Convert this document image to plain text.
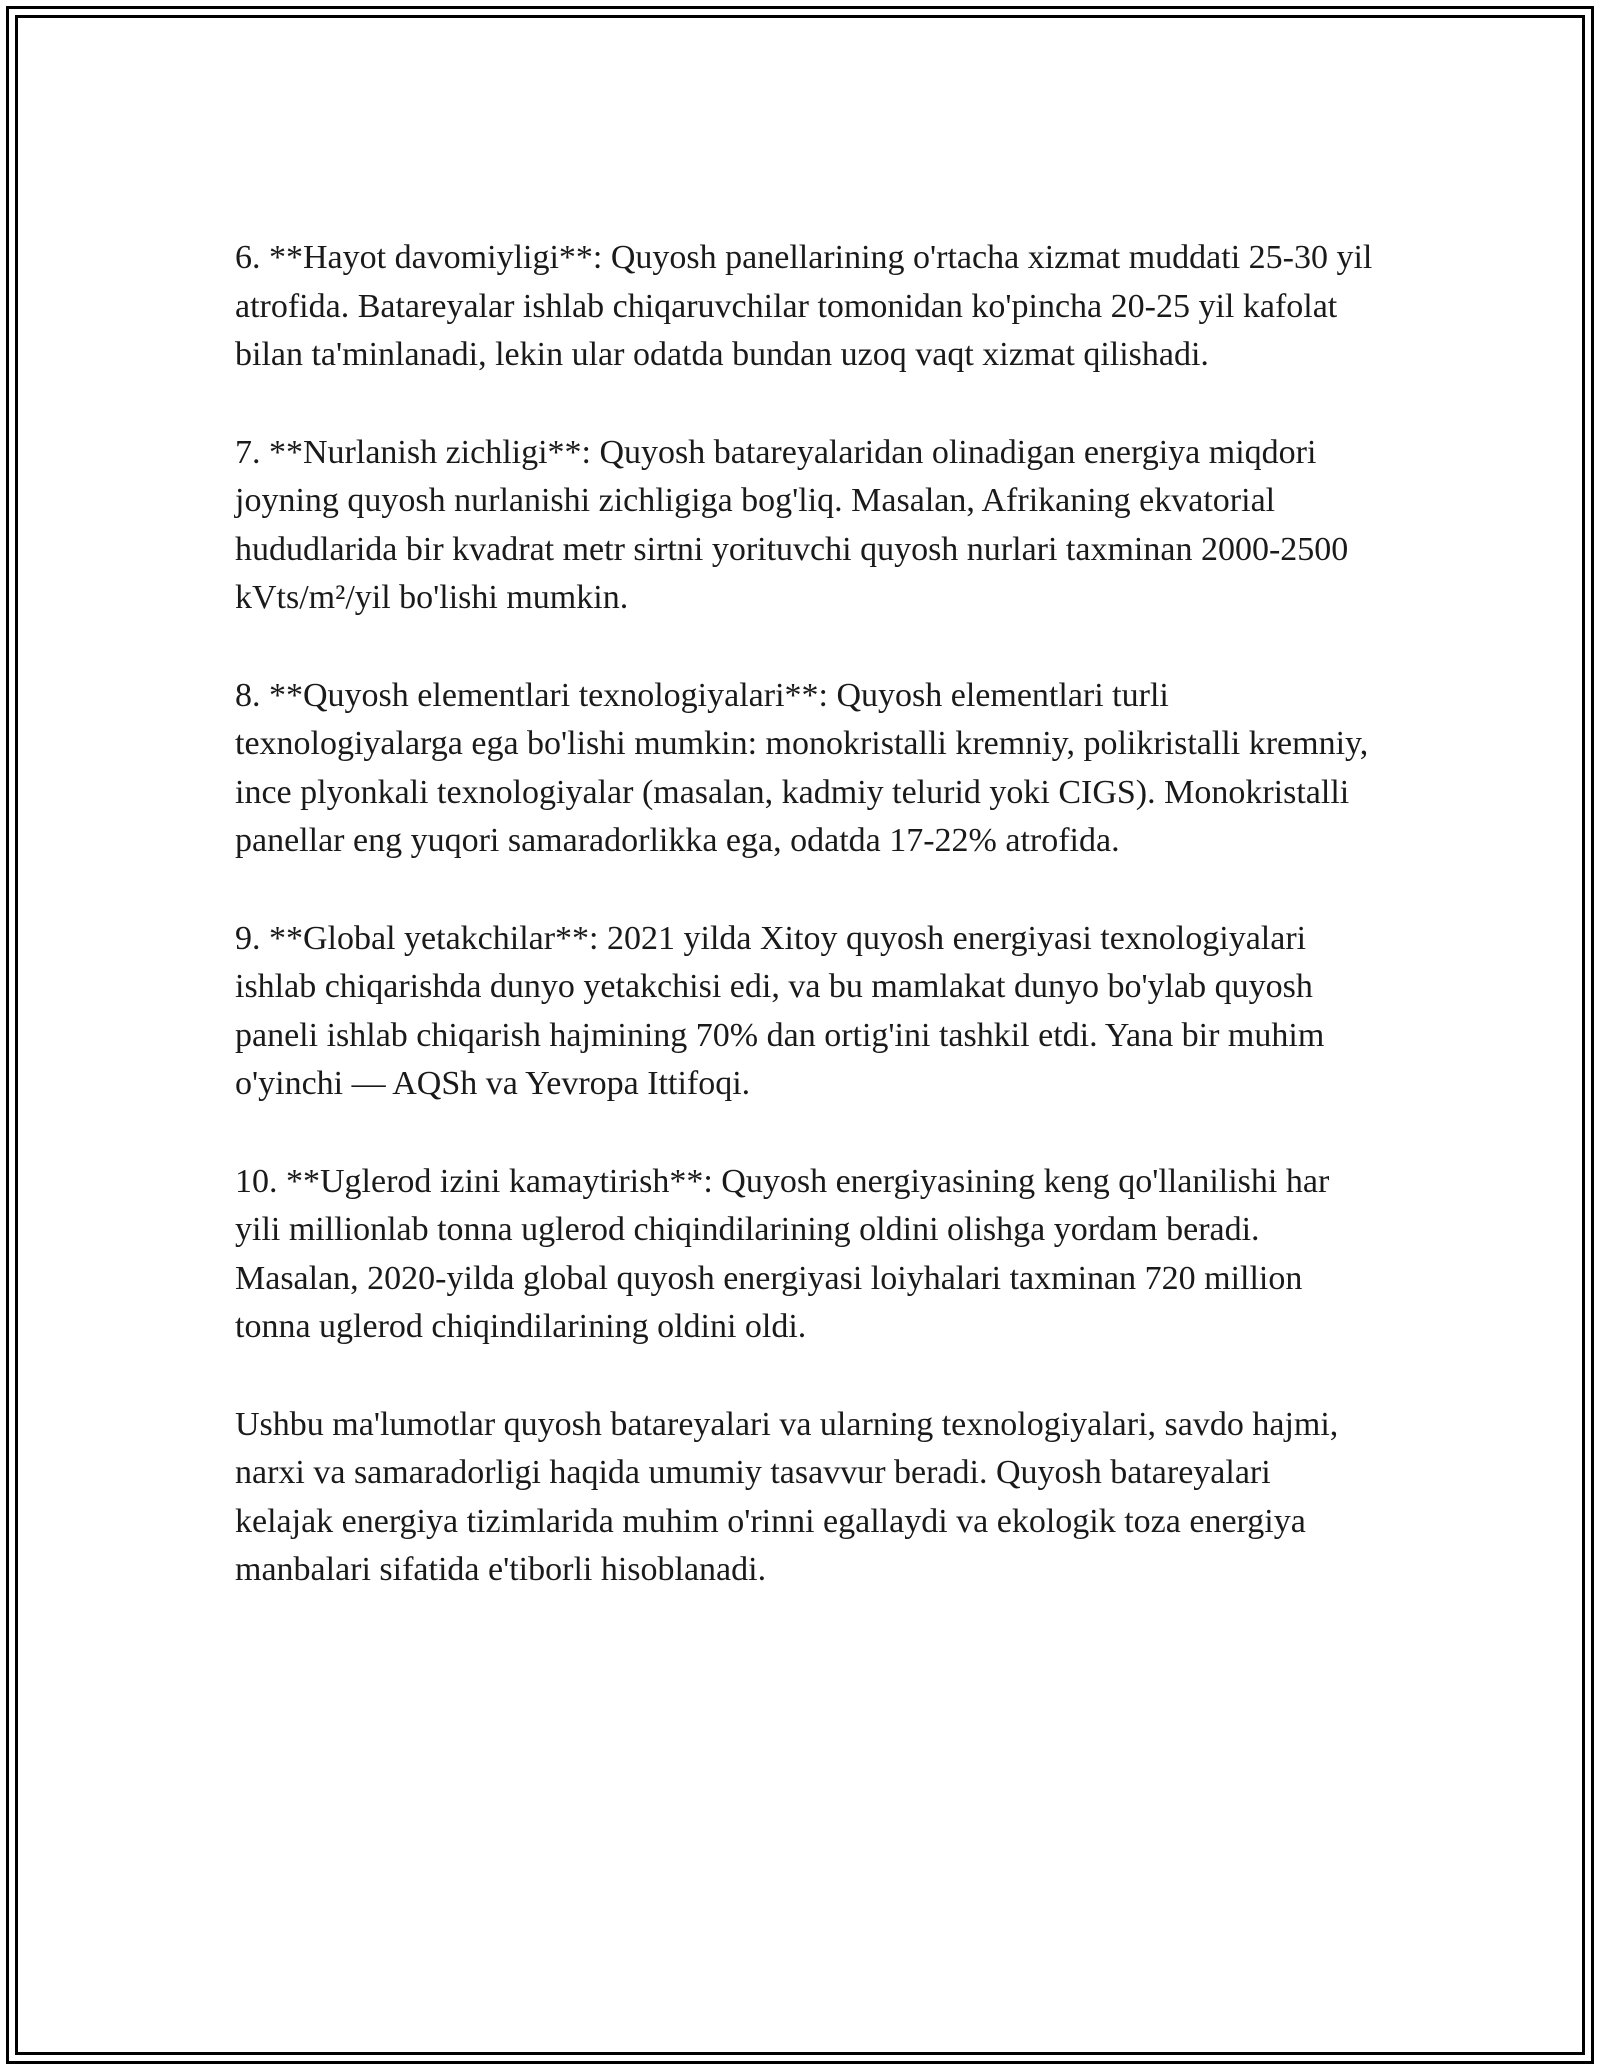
6. **Hayot davomiyligi**: Quyosh panellarining o'rtacha xizmat muddati 25-30 yil atrofida. Batareyalar ishlab chiqaruvchilar tomonidan ko'pincha 20-25 yil kafolat bilan ta'minlanadi, lekin ular odatda bundan uzoq vaqt xizmat qilishadi.

7. **Nurlanish zichligi**: Quyosh batareyalaridan olinadigan energiya miqdori joyning quyosh nurlanishi zichligiga bog'liq. Masalan, Afrikaning ekvatorial hududlarida bir kvadrat metr sirtni yorituvchi quyosh nurlari taxminan 2000-2500 kVts/m²/yil bo'lishi mumkin.

8. **Quyosh elementlari texnologiyalari**: Quyosh elementlari turli texnologiyalarga ega bo'lishi mumkin: monokristalli kremniy, polikristalli kremniy, ince plyonkali texnologiyalar (masalan, kadmiy telurid yoki CIGS). Monokristalli panellar eng yuqori samaradorlikka ega, odatda 17-22% atrofida.

9. **Global yetakchilar**: 2021 yilda Xitoy quyosh energiyasi texnologiyalari ishlab chiqarishda dunyo yetakchisi edi, va bu mamlakat dunyo bo'ylab quyosh paneli ishlab chiqarish hajmining 70% dan ortig'ini tashkil etdi. Yana bir muhim o'yinchi — AQSh va Yevropa Ittifoqi.

10. **Uglerod izini kamaytirish**: Quyosh energiyasining keng qo'llanilishi har yili millionlab tonna uglerod chiqindilarining oldini olishga yordam beradi. Masalan, 2020-yilda global quyosh energiyasi loiyhalari taxminan 720 million tonna uglerod chiqindilarining oldini oldi.

Ushbu ma'lumotlar quyosh batareyalari va ularning texnologiyalari, savdo hajmi, narxi va samaradorligi haqida umumiy tasavvur beradi. Quyosh batareyalari kelajak energiya tizimlarida muhim o'rinni egallaydi va ekologik toza energiya manbalari sifatida e'tiborli hisoblanadi.
